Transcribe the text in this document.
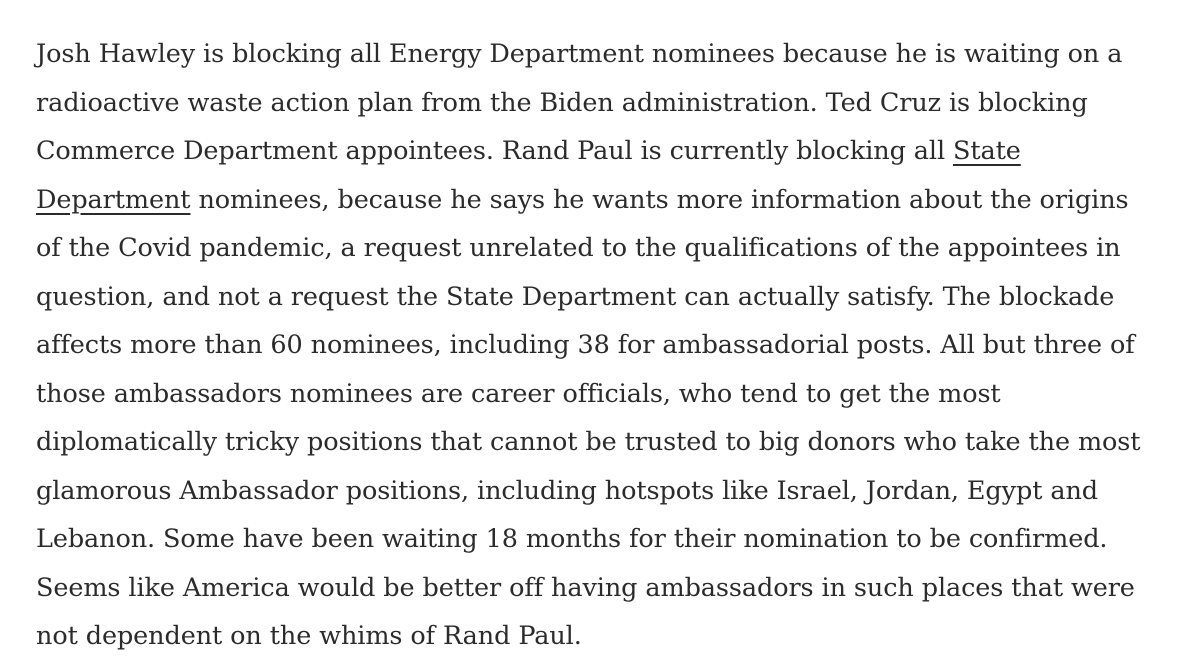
Josh Hawley is blocking all Energy Department nominees because he is waiting on a
radioactive waste action plan from the Biden administration. Ted Cruz is blocking
Commerce Department appointees. Rand Paul is currently blocking all State
Department nominees, because he says he wants more information about the origins
of the Covid pandemic, a request unrelated to the qualifications of the appointees in
question, and not a request the State Department can actually satisfy. The blockade
affects more than 60 nominees, including 38 for ambassadorial posts. All but three of
those ambassadors nominees are career officials, who tend to get the most
diplomatically tricky positions that cannot be trusted to big donors who take the most
glamorous Ambassador positions, including hotspots like Israel, Jordan, Egypt and
Lebanon. Some have been waiting 18 months for their nomination to be confirmed.
Seems like America would be better off having ambassadors in such places that were
not dependent on the whims of Rand Paul.
